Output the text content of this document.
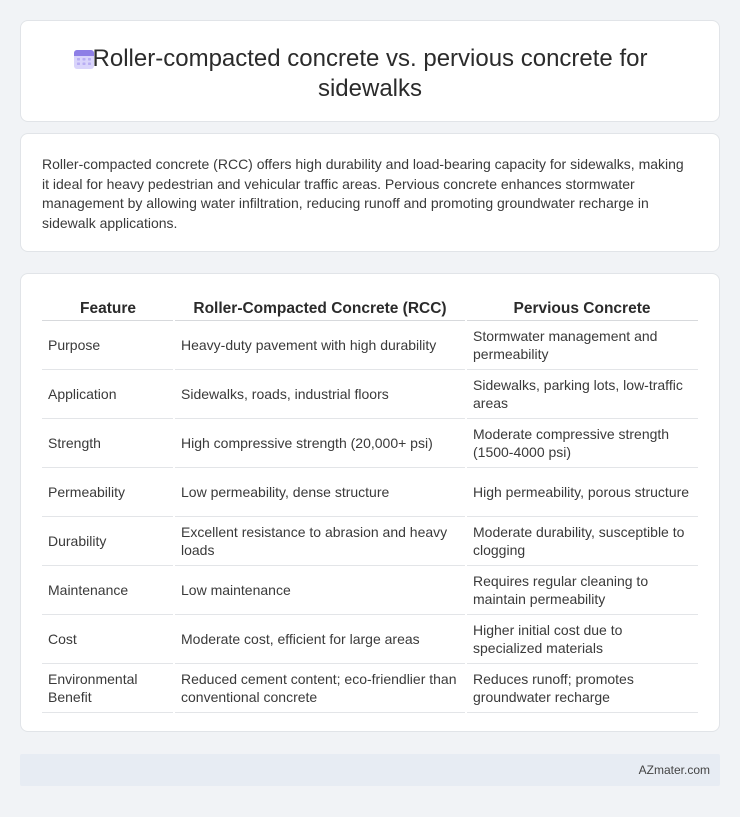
Roller-compacted concrete vs. pervious concrete for sidewalks

Roller-compacted concrete (RCC) offers high durability and load-bearing capacity for sidewalks, making it ideal for heavy pedestrian and vehicular traffic areas. Pervious concrete enhances stormwater management by allowing water infiltration, reducing runoff and promoting groundwater recharge in sidewalk applications.

Feature	Roller-Compacted Concrete (RCC)	Pervious Concrete
Purpose	Heavy-duty pavement with high durability	Stormwater management and permeability
Application	Sidewalks, roads, industrial floors	Sidewalks, parking lots, low-traffic areas
Strength	High compressive strength (20,000+ psi)	Moderate compressive strength (1500-4000 psi)
Permeability	Low permeability, dense structure	High permeability, porous structure
Durability	Excellent resistance to abrasion and heavy loads	Moderate durability, susceptible to clogging
Maintenance	Low maintenance	Requires regular cleaning to maintain permeability
Cost	Moderate cost, efficient for large areas	Higher initial cost due to specialized materials
Environmental Benefit	Reduced cement content; eco-friendlier than conventional concrete	Reduces runoff; promotes groundwater recharge
AZmater.com
